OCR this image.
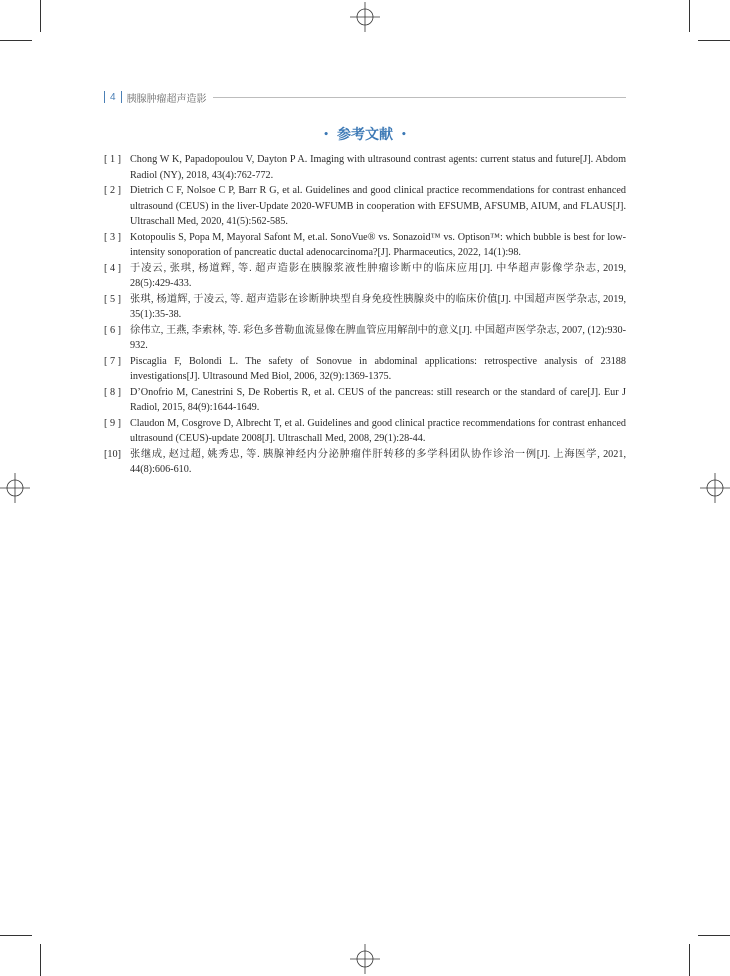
4 胰腺肿瘤超声造影
• 参考文献 •
[ 1 ] Chong W K, Papadopoulou V, Dayton P A. Imaging with ultrasound contrast agents: current status and future[J]. Abdom Radiol (NY), 2018, 43(4):762-772.
[ 2 ] Dietrich C F, Nolsoe C P, Barr R G, et al. Guidelines and good clinical practice recommendations for contrast enhanced ultrasound (CEUS) in the liver-Update 2020-WFUMB in cooperation with EFSUMB, AFSUMB, AIUM, and FLAUS[J]. Ultraschall Med, 2020, 41(5):562-585.
[ 3 ] Kotopoulis S, Popa M, Mayoral Safont M, et.al. SonoVue® vs. Sonazoid™ vs. Optison™: which bubble is best for low-intensity sonoporation of pancreatic ductal adenocarcinoma?[J]. Pharmaceutics, 2022, 14(1):98.
[ 4 ] 于凌云, 张琪, 杨道辉, 等. 超声造影在胰腺浆液性肿瘤诊断中的临床应用[J]. 中华超声影像学杂志, 2019, 28(5):429-433.
[ 5 ] 张琪, 杨道辉, 于凌云, 等. 超声造影在诊断肿块型自身免疫性胰腺炎中的临床价值[J]. 中国超声医学杂志, 2019, 35(1):35-38.
[ 6 ] 徐伟立, 王燕, 李索林, 等. 彩色多普勒血流显像在脾血管应用解剖中的意义[J]. 中国超声医学杂志, 2007, (12):930-932.
[ 7 ] Piscaglia F, Bolondi L. The safety of Sonovue in abdominal applications: retrospective analysis of 23188 investigations[J]. Ultrasound Med Biol, 2006, 32(9):1369-1375.
[ 8 ] D’Onofrio M, Canestrini S, De Robertis R, et al. CEUS of the pancreas: still research or the standard of care[J]. Eur J Radiol, 2015, 84(9):1644-1649.
[ 9 ] Claudon M, Cosgrove D, Albrecht T, et al. Guidelines and good clinical practice recommendations for contrast enhanced ultrasound (CEUS)-update 2008[J]. Ultraschall Med, 2008, 29(1):28-44.
[10] 张继成, 赵过超, 姚秀忠, 等. 胰腺神经内分泌肿瘤伴肝转移的多学科团队协作诊治一例[J]. 上海医学, 2021, 44(8):606-610.
